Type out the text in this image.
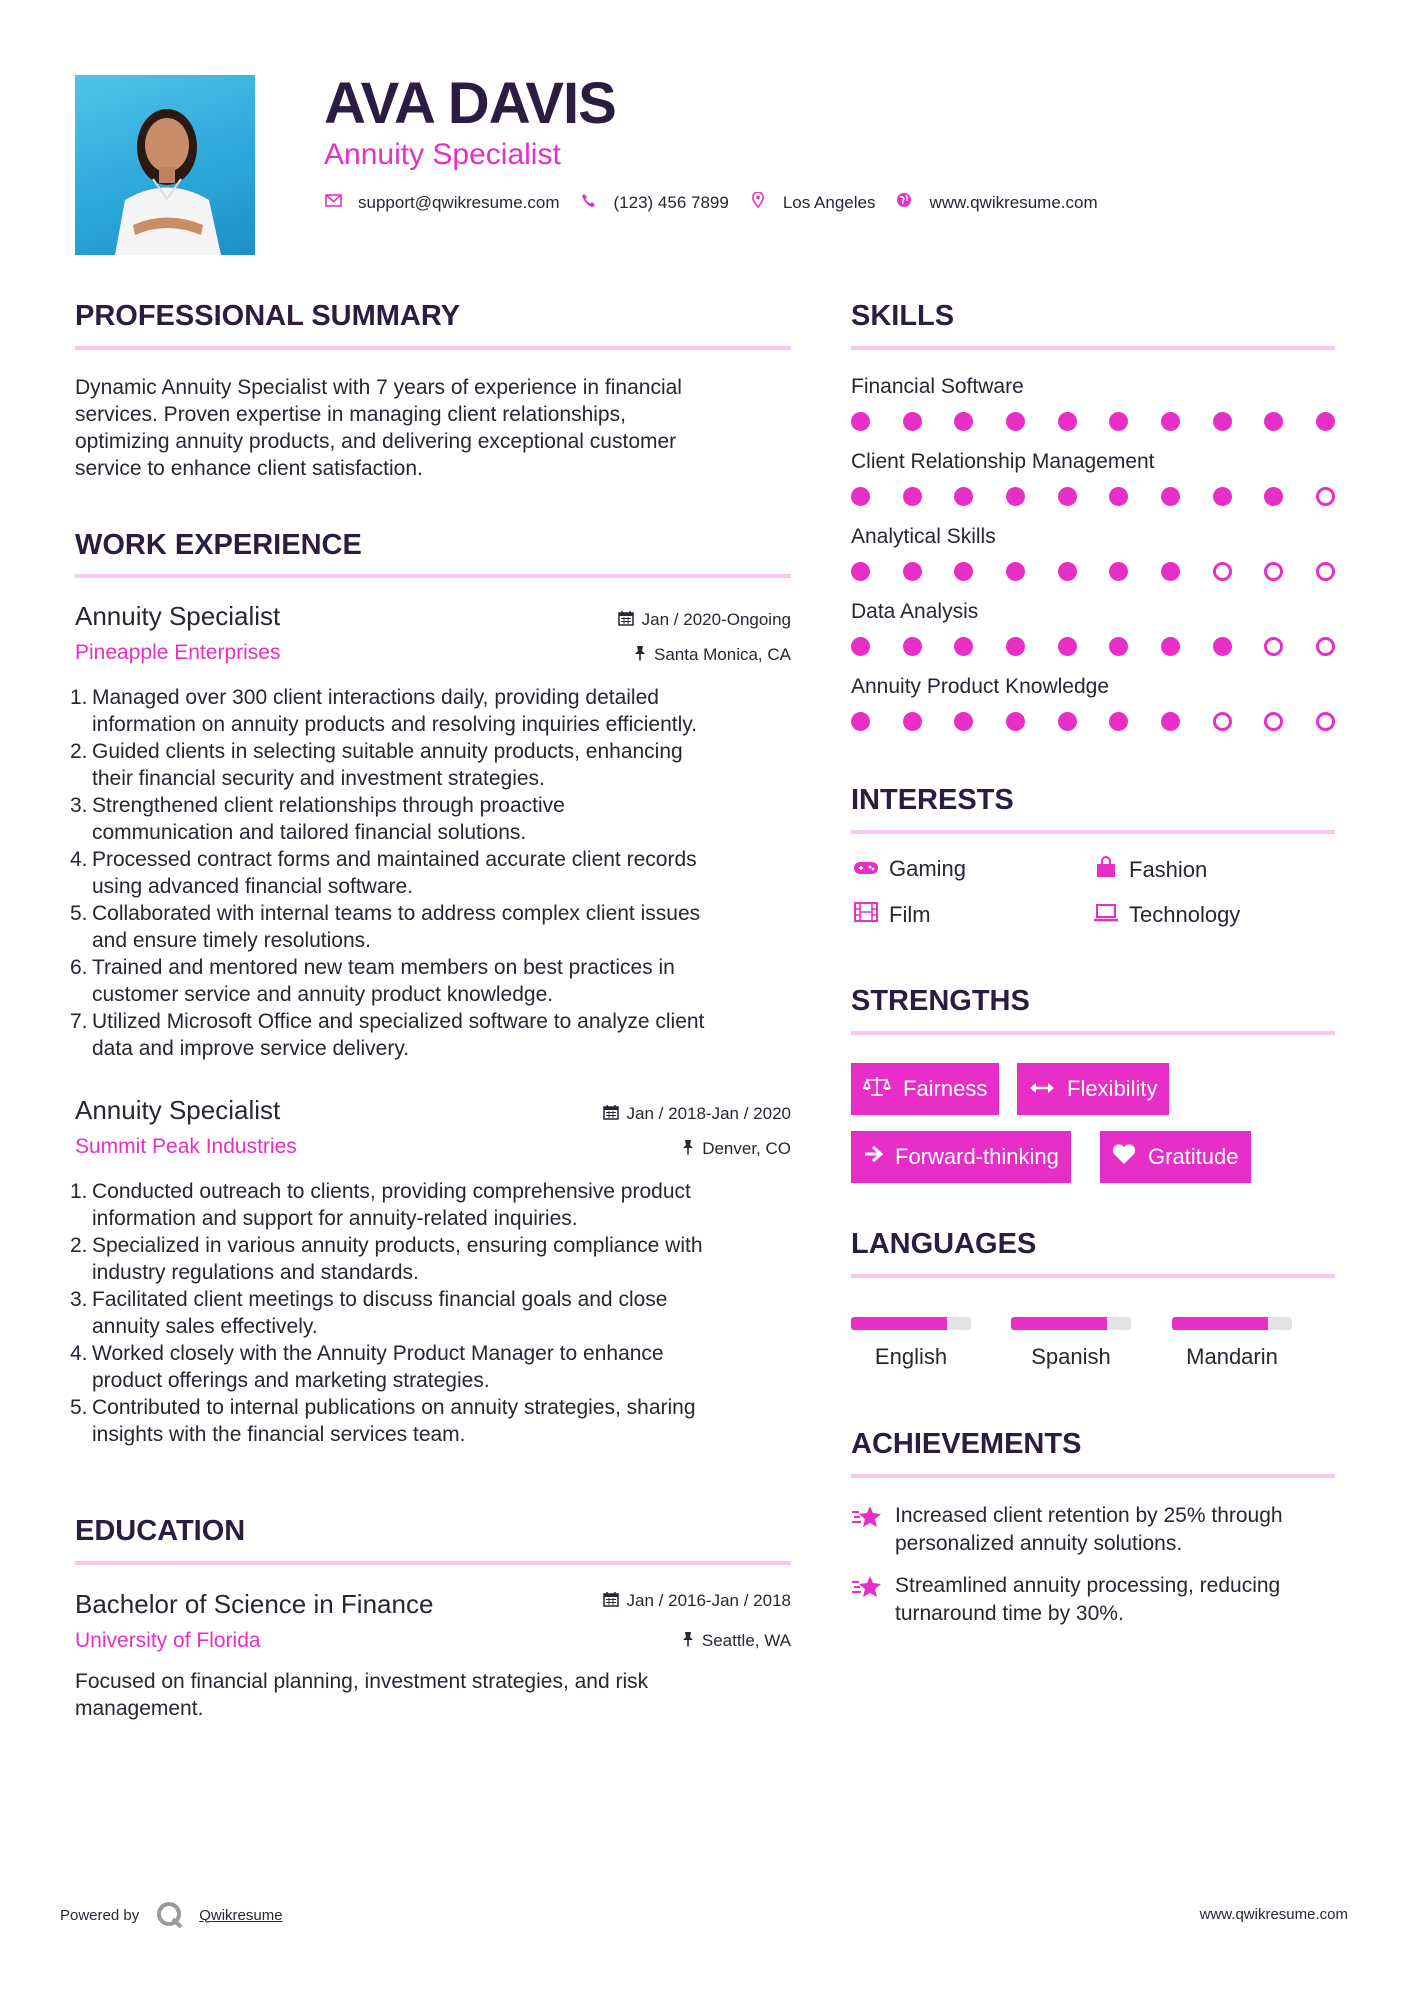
AVA DAVIS
Annuity Specialist
support@qwikresume.com	(123) 456 7899	Los Angeles	www.qwikresume.com
PROFESSIONAL SUMMARY
Dynamic Annuity Specialist with 7 years of experience in financial
services. Proven expertise in managing client relationships,
optimizing annuity products, and delivering exceptional customer
service to enhance client satisfaction.
WORK EXPERIENCE
Annuity Specialist
Pineapple Enterprises
Jan / 2020-Ongoing
Santa Monica, CA
1. Managed over 300 client interactions daily, providing detailed
information on annuity products and resolving inquiries efficiently.
2. Guided clients in selecting suitable annuity products, enhancing
their financial security and investment strategies.
3. Strengthened client relationships through proactive
communication and tailored financial solutions.
4. Processed contract forms and maintained accurate client records
using advanced financial software.
5. Collaborated with internal teams to address complex client issues
and ensure timely resolutions.
6. Trained and mentored new team members on best practices in
customer service and annuity product knowledge.
7. Utilized Microsoft Office and specialized software to analyze client
data and improve service delivery.
Annuity Specialist
Summit Peak Industries
Jan / 2018-Jan / 2020
Denver, CO
1. Conducted outreach to clients, providing comprehensive product
information and support for annuity-related inquiries.
2. Specialized in various annuity products, ensuring compliance with
industry regulations and standards.
3. Facilitated client meetings to discuss financial goals and close
annuity sales effectively.
4. Worked closely with the Annuity Product Manager to enhance
product offerings and marketing strategies.
5. Contributed to internal publications on annuity strategies, sharing
insights with the financial services team.
EDUCATION
Bachelor of Science in Finance
University of Florida
Jan / 2016-Jan / 2018
Seattle, WA
Focused on financial planning, investment strategies, and risk
management.
SKILLS
Financial Software
Client Relationship Management
Analytical Skills
Data Analysis
Annuity Product Knowledge
INTERESTS
Gaming	Fashion
Film	Technology
STRENGTHS
Fairness	Flexibility
Forward-thinking	Gratitude
LANGUAGES
English	Spanish	Mandarin
ACHIEVEMENTS
Increased client retention by 25% through
personalized annuity solutions.
Streamlined annuity processing, reducing
turnaround time by 30%.
Powered by	Qwikresume	www.qwikresume.com
